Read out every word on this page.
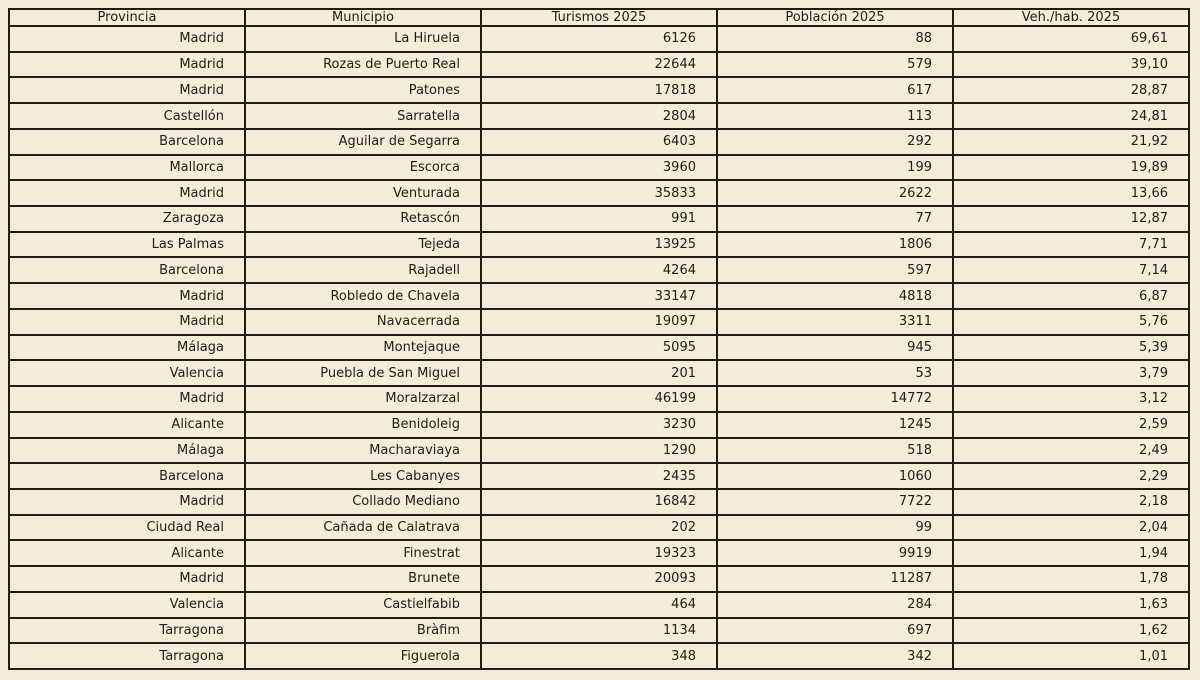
Provincia	Municipio	Turismos 2025	Población 2025	Veh./hab. 2025
Madrid	La Hiruela	6126	88	69,61
Madrid	Rozas de Puerto Real	22644	579	39,10
Madrid	Patones	17818	617	28,87
Castellón	Sarratella	2804	113	24,81
Barcelona	Aguilar de Segarra	6403	292	21,92
Mallorca	Escorca	3960	199	19,89
Madrid	Venturada	35833	2622	13,66
Zaragoza	Retascón	991	77	12,87
Las Palmas	Tejeda	13925	1806	7,71
Barcelona	Rajadell	4264	597	7,14
Madrid	Robledo de Chavela	33147	4818	6,87
Madrid	Navacerrada	19097	3311	5,76
Málaga	Montejaque	5095	945	5,39
Valencia	Puebla de San Miguel	201	53	3,79
Madrid	Moralzarzal	46199	14772	3,12
Alicante	Benidoleig	3230	1245	2,59
Málaga	Macharaviaya	1290	518	2,49
Barcelona	Les Cabanyes	2435	1060	2,29
Madrid	Collado Mediano	16842	7722	2,18
Ciudad Real	Cañada de Calatrava	202	99	2,04
Alicante	Finestrat	19323	9919	1,94
Madrid	Brunete	20093	11287	1,78
Valencia	Castielfabib	464	284	1,63
Tarragona	Bràfim	1134	697	1,62
Tarragona	Figuerola	348	342	1,01
